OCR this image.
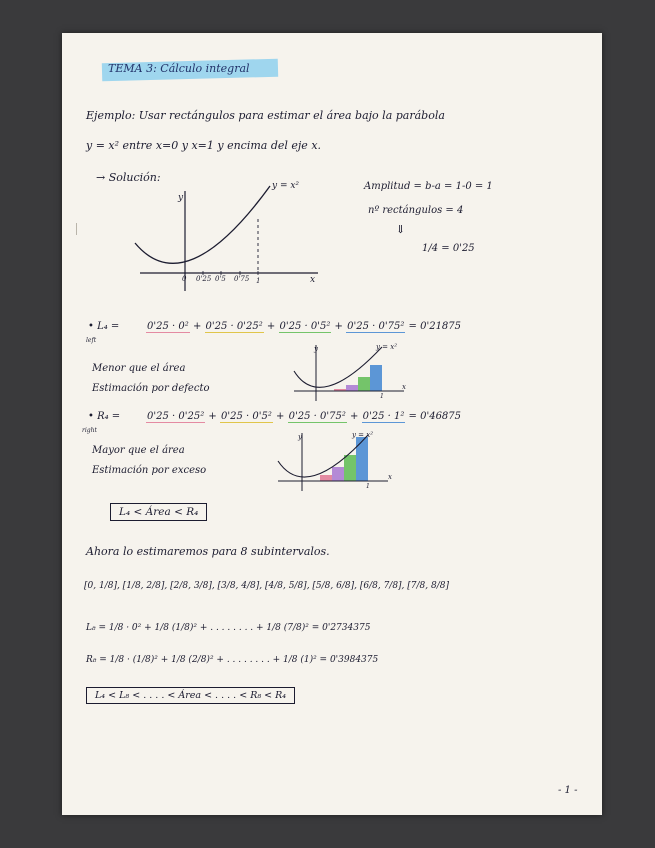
TEMA 3: Cálculo integral
Ejemplo: Usar rectángulos para estimar el área bajo la parábola
y = x² entre x=0 y x=1 y encima del eje x.
→ Solución:
y
x
y = x²
0 0'25 0'5 0'75 1
Amplitud = b-a = 1-0 = 1
nº rectángulos = 4
⇓
1/4 = 0'25
• L₄ =
left
0'25 · 0² + 0'25 · 0'25² + 0'25 · 0'5² + 0'25 · 0'75² = 0'21875
Menor que el área
Estimación por defecto
y	y = x²
x
1
• R₄ =
right
0'25 · 0'25² + 0'25 · 0'5² + 0'25 · 0'75² + 0'25 · 1² = 0'46875
Mayor que el área
Estimación por exceso
y	y = x²
x
1
L₄ < Área < R₄
Ahora lo estimaremos para 8 subintervalos.
[0, 1/8], [1/8, 2/8], [2/8, 3/8], [3/8, 4/8], [4/8, 5/8], [5/8, 6/8], [6/8, 7/8], [7/8, 8/8]
L₈ = 1/8 · 0² + 1/8 (1/8)² + . . . . . . . . + 1/8 (7/8)² = 0'2734375
R₈ = 1/8 · (1/8)² + 1/8 (2/8)² + . . . . . . . . + 1/8 (1)² = 0'3984375
L₄ < L₈ < . . . . < Área < . . . . < R₈ < R₄
- 1 -
